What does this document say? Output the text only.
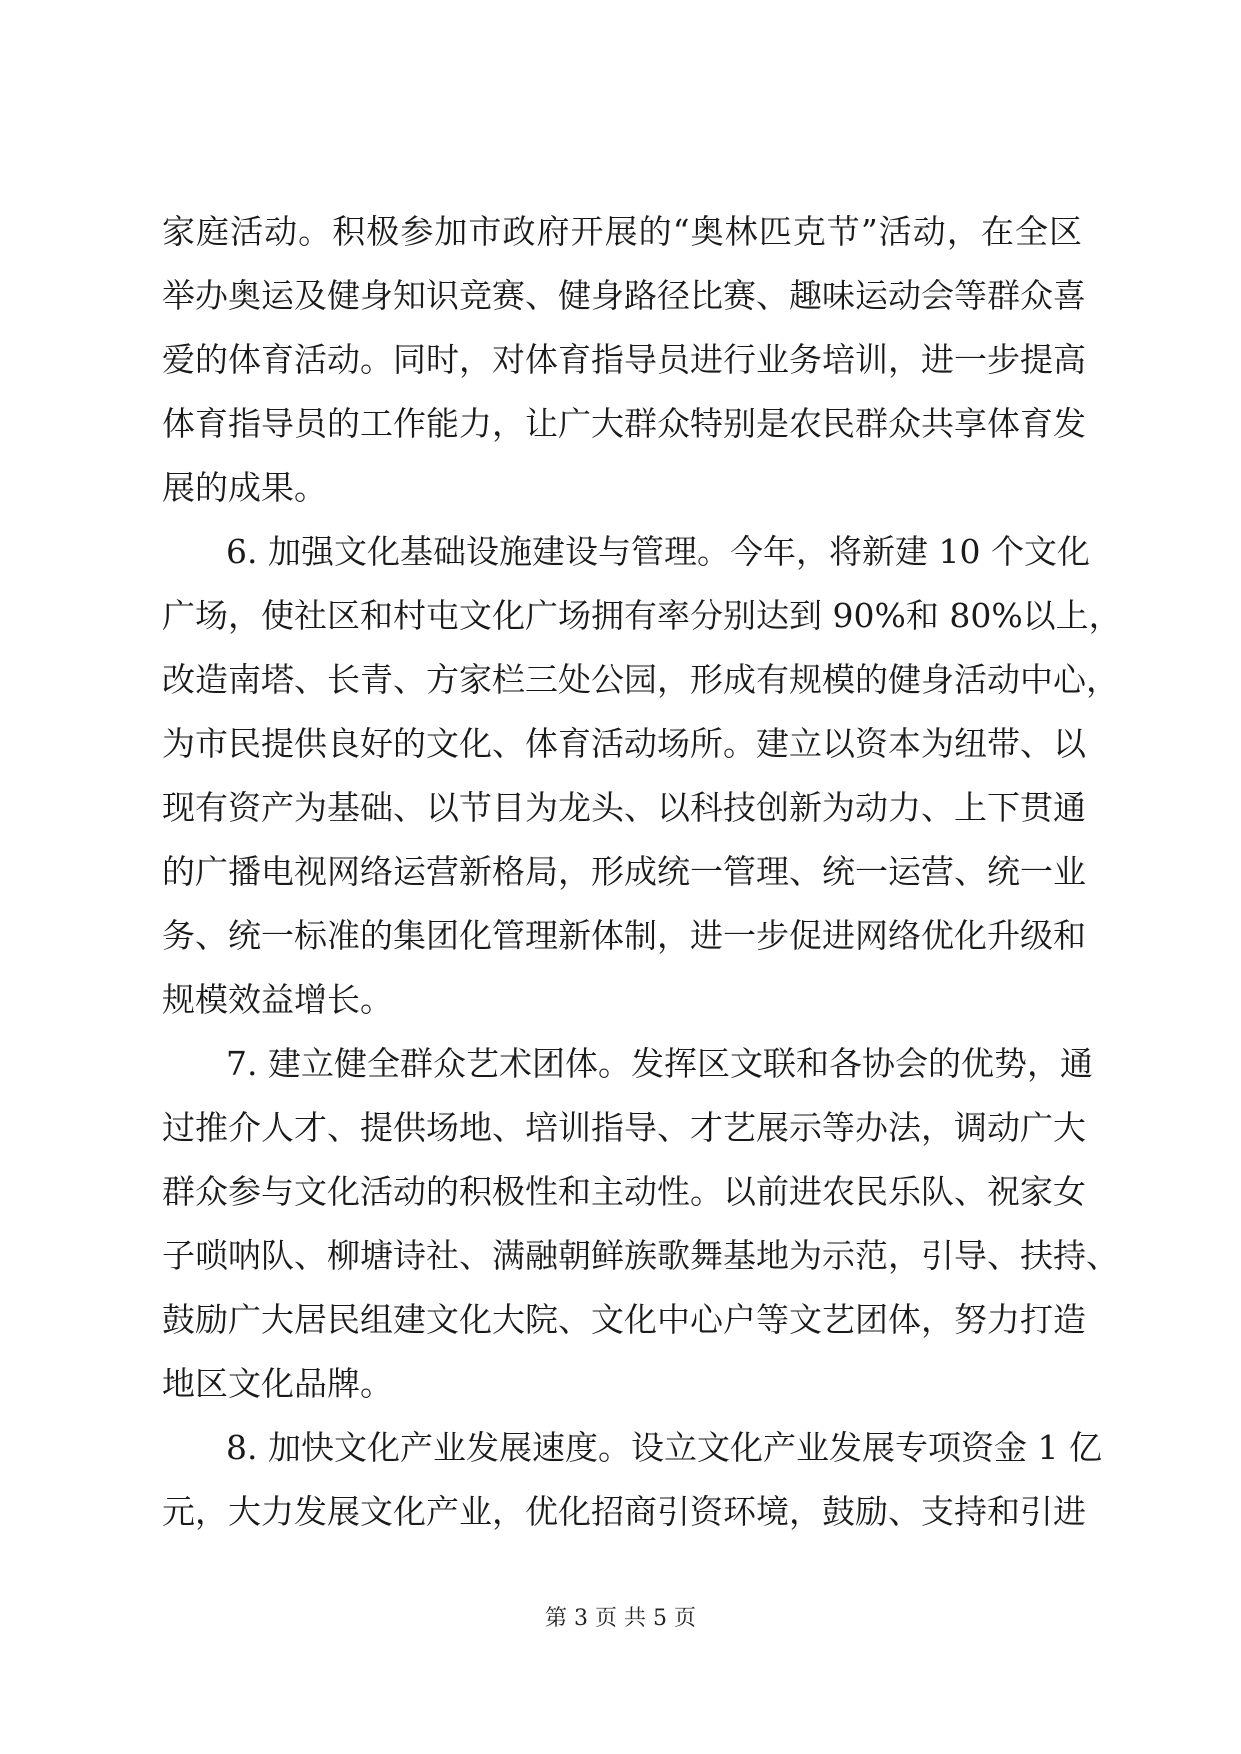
家庭活动。积极参加市政府开展的“奥林匹克节”活动，在全区
举办奥运及健身知识竞赛、健身路径比赛、趣味运动会等群众喜
爱的体育活动。同时，对体育指导员进行业务培训，进一步提高
体育指导员的工作能力，让广大群众特别是农民群众共享体育发
展的成果。
6. 加强文化基础设施建设与管理。今年，将新建 10 个文化
广场，使社区和村屯文化广场拥有率分别达到 90%和 80%以上，
改造南塔、长青、方家栏三处公园，形成有规模的健身活动中心，
为市民提供良好的文化、体育活动场所。建立以资本为纽带、以
现有资产为基础、以节目为龙头、以科技创新为动力、上下贯通
的广播电视网络运营新格局，形成统一管理、统一运营、统一业
务、统一标准的集团化管理新体制，进一步促进网络优化升级和
规模效益增长。
7. 建立健全群众艺术团体。发挥区文联和各协会的优势，通
过推介人才、提供场地、培训指导、才艺展示等办法，调动广大
群众参与文化活动的积极性和主动性。以前进农民乐队、祝家女
子唢呐队、柳塘诗社、满融朝鲜族歌舞基地为示范，引导、扶持、
鼓励广大居民组建文化大院、文化中心户等文艺团体，努力打造
地区文化品牌。
8. 加快文化产业发展速度。设立文化产业发展专项资金 1 亿
元，大力发展文化产业，优化招商引资环境，鼓励、支持和引进
第 3 页 共 5 页
